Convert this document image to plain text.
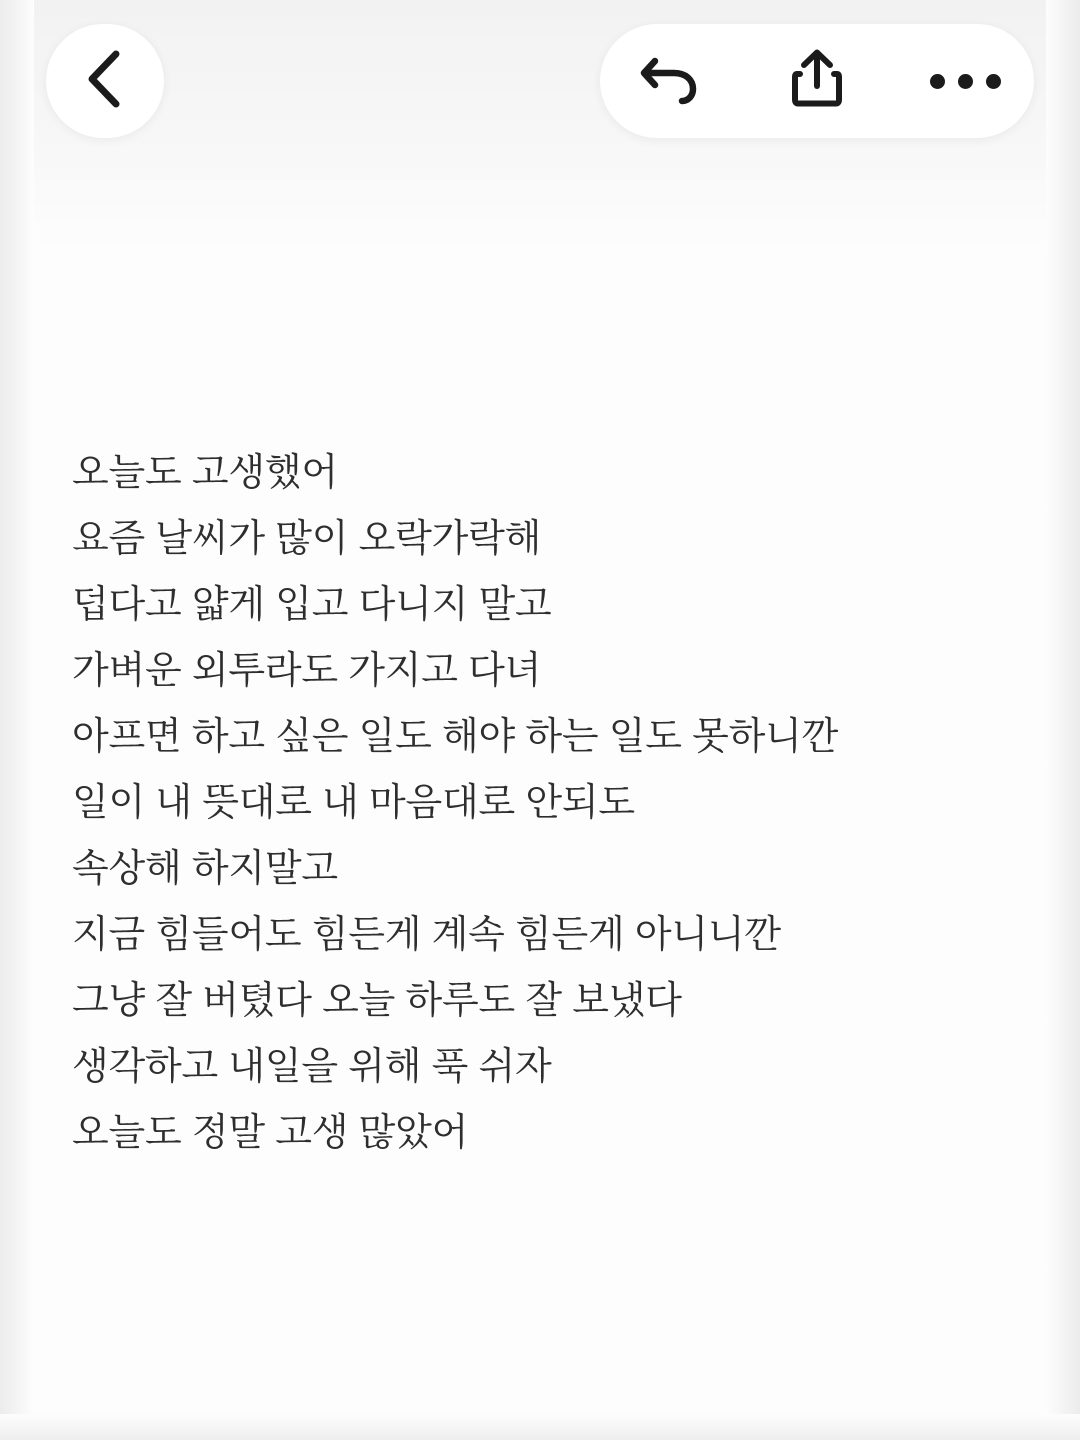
오늘도 고생했어
요즘 날씨가 많이 오락가락해
덥다고 얇게 입고 다니지 말고
가벼운 외투라도 가지고 다녀
아프면 하고 싶은 일도 해야 하는 일도 못하니깐
일이 내 뜻대로 내 마음대로 안되도
속상해 하지말고
지금 힘들어도 힘든게 계속 힘든게 아니니깐
그냥 잘 버텼다 오늘 하루도 잘 보냈다
생각하고 내일을 위해 푹 쉬자
오늘도 정말 고생 많았어
